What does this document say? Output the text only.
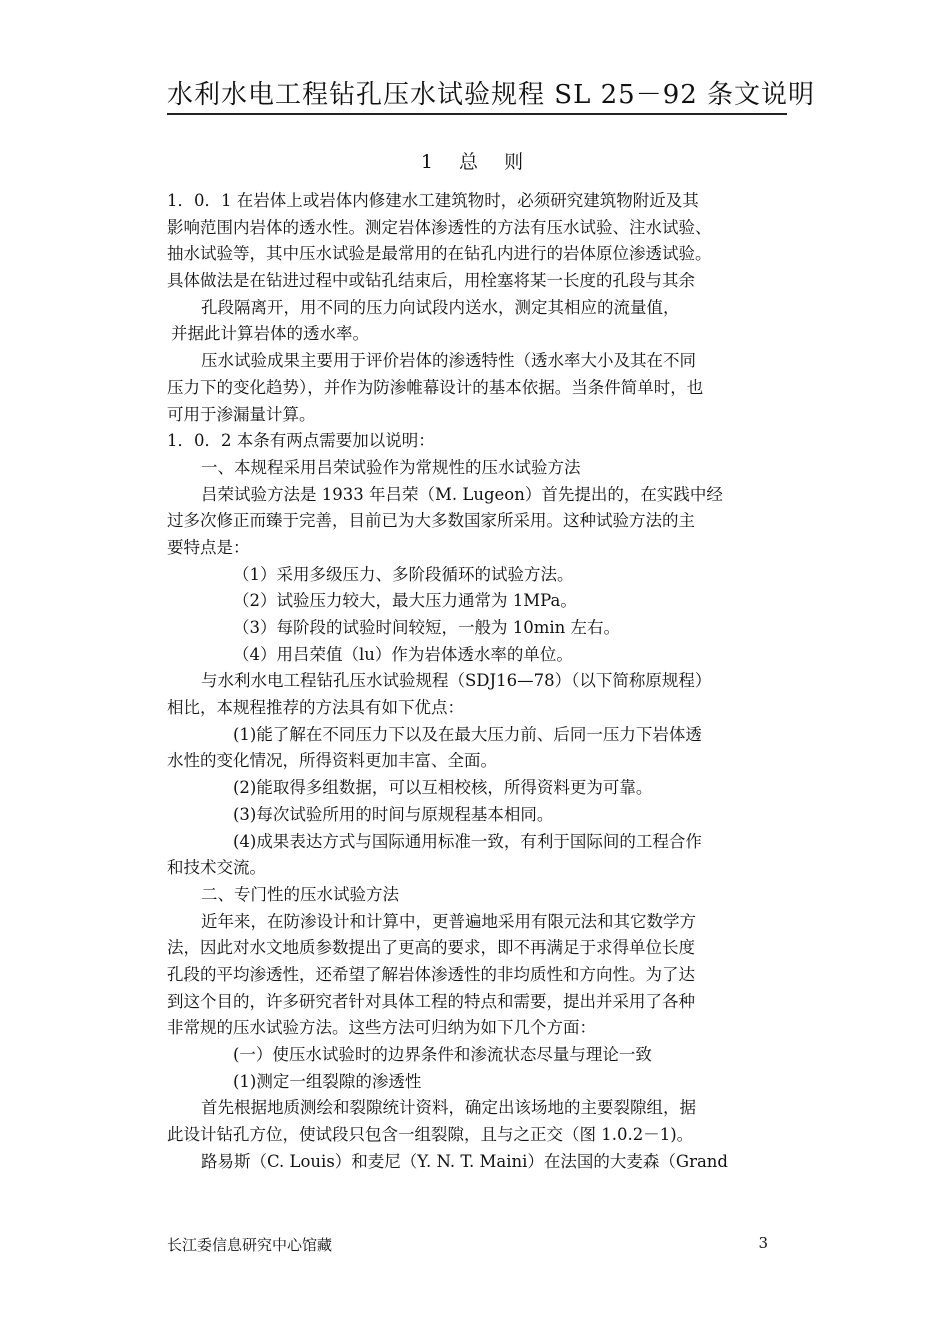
水利水电工程钻孔压水试验规程 SL 25－92 条文说明
1 总 则
1．0．1 在岩体上或岩体内修建水工建筑物时，必须研究建筑物附近及其
影响范围内岩体的透水性。测定岩体渗透性的方法有压水试验、注水试验、
抽水试验等，其中压水试验是最常用的在钻孔内进行的岩体原位渗透试验。
具体做法是在钻进过程中或钻孔结束后，用栓塞将某一长度的孔段与其余
孔段隔离开，用不同的压力向试段内送水，测定其相应的流量值，
并据此计算岩体的透水率。
压水试验成果主要用于评价岩体的渗透特性（透水率大小及其在不同
压力下的变化趋势），并作为防渗帷幕设计的基本依据。当条件简单时，也
可用于渗漏量计算。
1．0．2 本条有两点需要加以说明：
一、本规程采用吕荣试验作为常规性的压水试验方法
吕荣试验方法是 1933 年吕荣（M. Lugeon）首先提出的，在实践中经
过多次修正而臻于完善，目前已为大多数国家所采用。这种试验方法的主
要特点是：
（1）采用多级压力、多阶段循环的试验方法。
（2）试验压力较大，最大压力通常为 1MPa。
（3）每阶段的试验时间较短，一般为 10min 左右。
（4）用吕荣值（lu）作为岩体透水率的单位。
与水利水电工程钻孔压水试验规程（SDJ16—78）（以下简称原规程）
相比，本规程推荐的方法具有如下优点：
(1)能了解在不同压力下以及在最大压力前、后同一压力下岩体透
水性的变化情况，所得资料更加丰富、全面。
(2)能取得多组数据，可以互相校核，所得资料更为可靠。
(3)每次试验所用的时间与原规程基本相同。
(4)成果表达方式与国际通用标准一致，有利于国际间的工程合作
和技术交流。
二、专门性的压水试验方法
近年来，在防渗设计和计算中，更普遍地采用有限元法和其它数学方
法，因此对水文地质参数提出了更高的要求，即不再满足于求得单位长度
孔段的平均渗透性，还希望了解岩体渗透性的非均质性和方向性。为了达
到这个目的，许多研究者针对具体工程的特点和需要，提出并采用了各种
非常规的压水试验方法。这些方法可归纳为如下几个方面：
(一）使压水试验时的边界条件和渗流状态尽量与理论一致
(1)测定一组裂隙的渗透性
首先根据地质测绘和裂隙统计资料，确定出该场地的主要裂隙组，据
此设计钻孔方位，使试段只包含一组裂隙，且与之正交（图 1.0.2－1)。
路易斯（C. Louis）和麦尼（Y. N. T. Maini）在法国的大麦森（Grand
长江委信息研究中心馆藏	3
